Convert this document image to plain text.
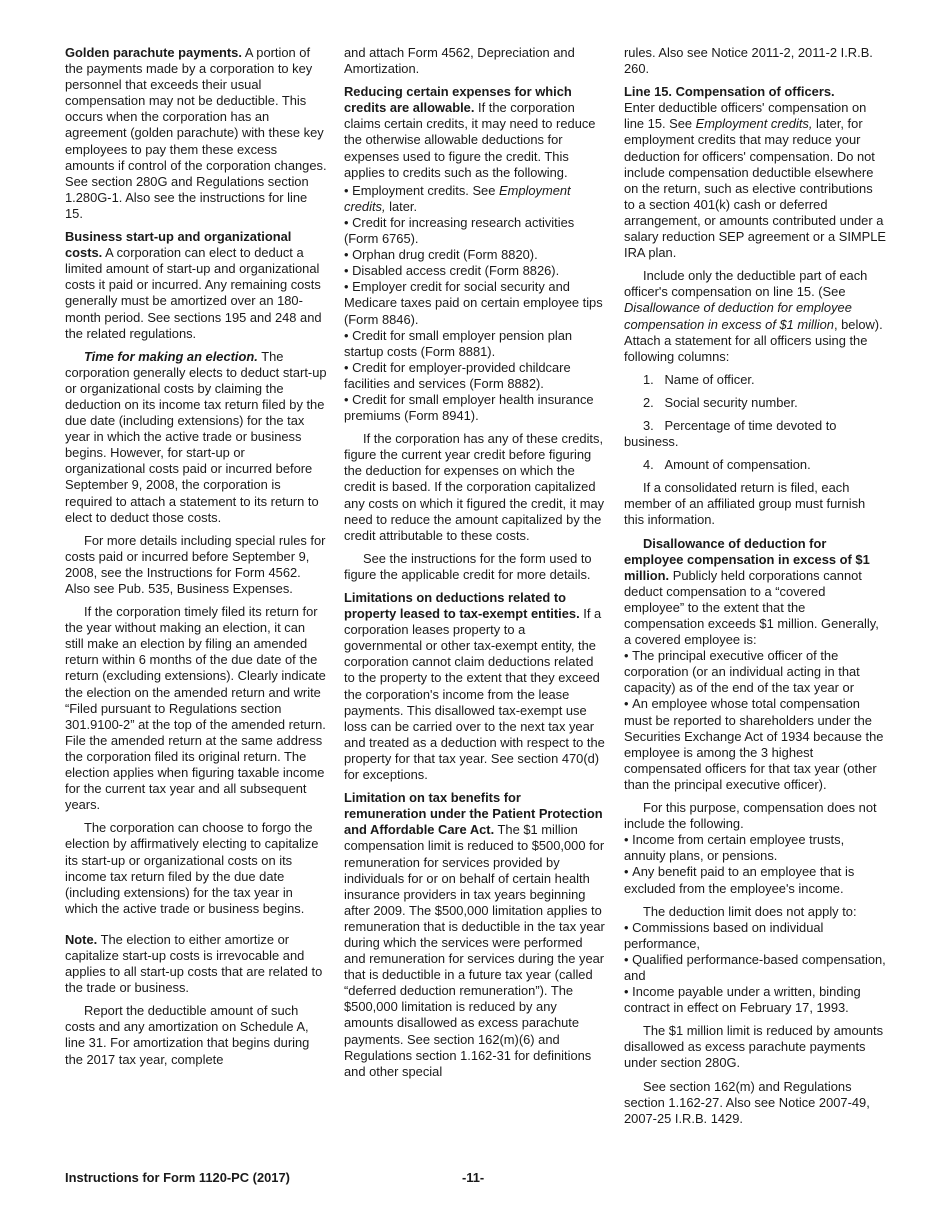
Golden parachute payments. A portion of the payments made by a corporation to key personnel that exceeds their usual compensation may not be deductible. This occurs when the corporation has an agreement (golden parachute) with these key employees to pay them these excess amounts if control of the corporation changes. See section 280G and Regulations section 1.280G-1. Also see the instructions for line 15.

Business start-up and organizational costs. A corporation can elect to deduct a limited amount of start-up and organizational costs it paid or incurred. Any remaining costs generally must be amortized over an 180-month period. See sections 195 and 248 and the related regulations.

Time for making an election. The corporation generally elects to deduct start-up or organizational costs by claiming the deduction on its income tax return filed by the due date (including extensions) for the tax year in which the active trade or business begins. However, for start-up or organizational costs paid or incurred before September 9, 2008, the corporation is required to attach a statement to its return to elect to deduct those costs.

For more details including special rules for costs paid or incurred before September 9, 2008, see the Instructions for Form 4562. Also see Pub. 535, Business Expenses.

If the corporation timely filed its return for the year without making an election, it can still make an election by filing an amended return within 6 months of the due date of the return (excluding extensions). Clearly indicate the election on the amended return and write “Filed pursuant to Regulations section 301.9100-2” at the top of the amended return. File the amended return at the same address the corporation filed its original return. The election applies when figuring taxable income for the current tax year and all subsequent years.

The corporation can choose to forgo the election by affirmatively electing to capitalize its start-up or organizational costs on its income tax return filed by the due date (including extensions) for the tax year in which the active trade or business begins.

Note. The election to either amortize or capitalize start-up costs is irrevocable and applies to all start-up costs that are related to the trade or business.

Report the deductible amount of such costs and any amortization on Schedule A, line 31. For amortization that begins during the 2017 tax year, complete

and attach Form 4562, Depreciation and Amortization.

Reducing certain expenses for which credits are allowable. If the corporation claims certain credits, it may need to reduce the otherwise allowable deductions for expenses used to figure the credit. This applies to credits such as the following.

• Employment credits. See Employment credits, later.

• Credit for increasing research activities (Form 6765).

• Orphan drug credit (Form 8820).

• Disabled access credit (Form 8826).

• Employer credit for social security and Medicare taxes paid on certain employee tips (Form 8846).

• Credit for small employer pension plan startup costs (Form 8881).

• Credit for employer-provided childcare facilities and services (Form 8882).

• Credit for small employer health insurance premiums (Form 8941).

If the corporation has any of these credits, figure the current year credit before figuring the deduction for expenses on which the credit is based. If the corporation capitalized any costs on which it figured the credit, it may need to reduce the amount capitalized by the credit attributable to these costs.

See the instructions for the form used to figure the applicable credit for more details.

Limitations on deductions related to property leased to tax-exempt entities. If a corporation leases property to a governmental or other tax-exempt entity, the corporation cannot claim deductions related to the property to the extent that they exceed the corporation's income from the lease payments. This disallowed tax-exempt use loss can be carried over to the next tax year and treated as a deduction with respect to the property for that tax year. See section 470(d) for exceptions.

Limitation on tax benefits for remuneration under the Patient Protection and Affordable Care Act. The $1 million compensation limit is reduced to $500,000 for remuneration for services provided by individuals for or on behalf of certain health insurance providers in tax years beginning after 2009. The $500,000 limitation applies to remuneration that is deductible in the tax year during which the services were performed and remuneration for services during the year that is deductible in a future tax year (called “deferred deduction remuneration”). The $500,000 limitation is reduced by any amounts disallowed as excess parachute payments. See section 162(m)(6) and Regulations section 1.162-31 for definitions and other special

rules. Also see Notice 2011-2, 2011-2 I.R.B. 260.

Line 15. Compensation of officers.
Enter deductible officers' compensation on line 15. See Employment credits, later, for employment credits that may reduce your deduction for officers' compensation. Do not include compensation deductible elsewhere on the return, such as elective contributions to a section 401(k) cash or deferred arrangement, or amounts contributed under a salary reduction SEP agreement or a SIMPLE IRA plan.

Include only the deductible part of each officer's compensation on line 15. (See Disallowance of deduction for employee compensation in excess of $1 million, below). Attach a statement for all officers using the following columns:

1.   Name of officer.

2.   Social security number.

3.   Percentage of time devoted to business.

4.   Amount of compensation.

If a consolidated return is filed, each member of an affiliated group must furnish this information.

Disallowance of deduction for employee compensation in excess of $1 million. Publicly held corporations cannot deduct compensation to a “covered employee” to the extent that the compensation exceeds $1 million. Generally, a covered employee is:

• The principal executive officer of the corporation (or an individual acting in that capacity) as of the end of the tax year or

• An employee whose total compensation must be reported to shareholders under the Securities Exchange Act of 1934 because the employee is among the 3 highest compensated officers for that tax year (other than the principal executive officer).

For this purpose, compensation does not include the following.

• Income from certain employee trusts, annuity plans, or pensions.

• Any benefit paid to an employee that is excluded from the employee's income.

The deduction limit does not apply to:

• Commissions based on individual performance,

• Qualified performance-based compensation, and

• Income payable under a written, binding contract in effect on February 17, 1993.

The $1 million limit is reduced by amounts disallowed as excess parachute payments under section 280G.

See section 162(m) and Regulations section 1.162-27. Also see Notice 2007-49, 2007-25 I.R.B. 1429.

Instructions for Form 1120-PC (2017)	-11-
